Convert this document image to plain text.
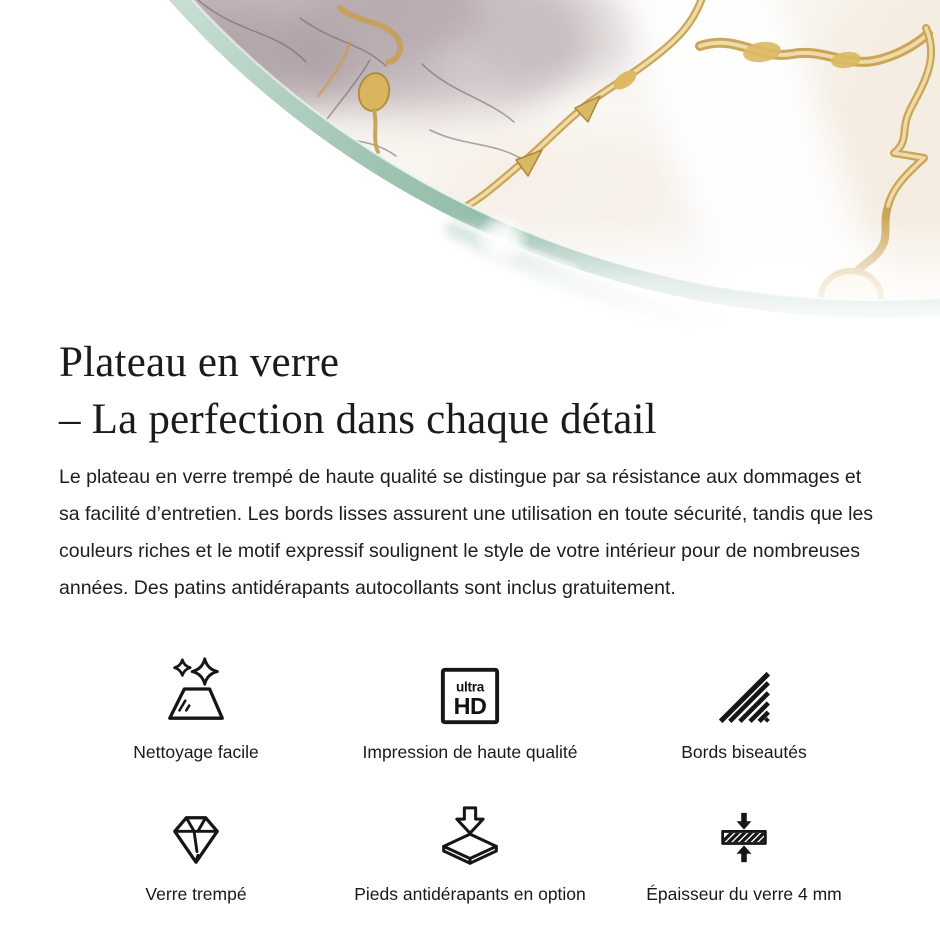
Plateau en verre
– La perfection dans chaque détail

Le plateau en verre trempé de haute qualité se distingue par sa résistance aux dommages et sa facilité d’entretien. Les bords lisses assurent une utilisation en toute sécurité, tandis que les couleurs riches et le motif expressif soulignent le style de votre intérieur pour de nombreuses années. Des patins antidérapants autocollants sont inclus gratuitement.

Nettoyage facile
ultra
HD
Impression de haute qualité	Bords biseautés
Verre trempé	Pieds antidérapants en option	Épaisseur du verre 4 mm
